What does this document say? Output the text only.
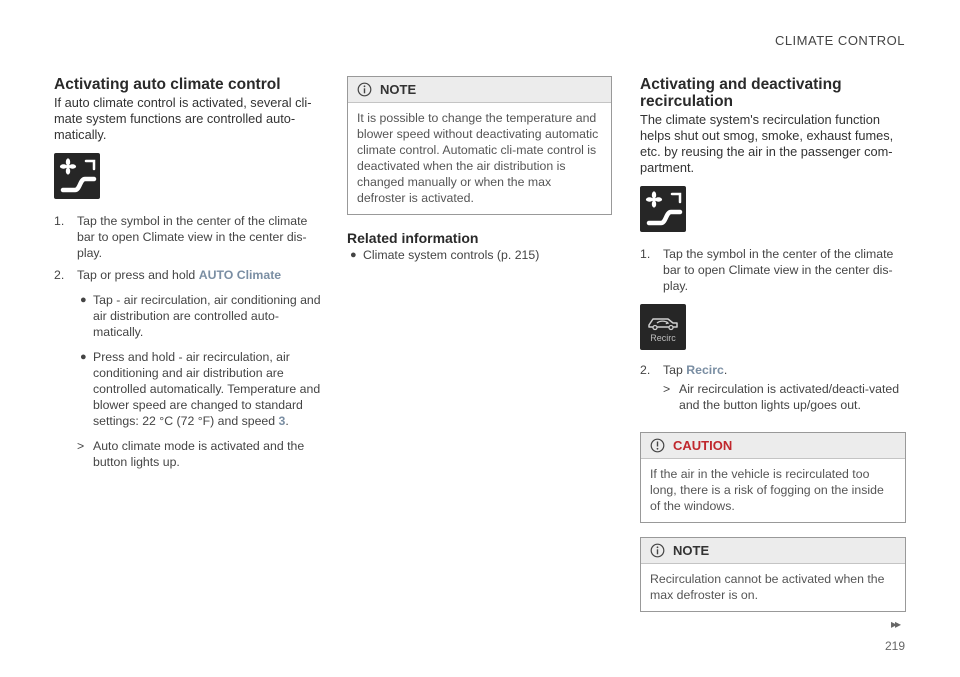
CLIMATE CONTROL
Activating auto climate control

If auto climate control is activated, several cli-mate system functions are controlled auto-matically.

1. Tap the symbol in the center of the climate bar to open Climate view in the center dis-play.
2. Tap or press and hold AUTO Climate
● Tap - air recirculation, air conditioning and air distribution are controlled auto-matically.
● Press and hold - air recirculation, air conditioning and air distribution are controlled automatically. Temperature and blower speed are changed to standard settings: 22 °C (72 °F) and speed 3.
> Auto climate mode is activated and the button lights up.
NOTE
It is possible to change the temperature and blower speed without deactivating automatic climate control. Automatic cli-mate control is deactivated when the air distribution is changed manually or when the max defroster is activated.
Related information
● Climate system controls (p. 215)
Activating and deactivating recirculation

The climate system's recirculation function helps shut out smog, smoke, exhaust fumes, etc. by reusing the air in the passenger com-partment.

1. Tap the symbol in the center of the climate bar to open Climate view in the center dis-play.
Recirc
2. Tap Recirc.
> Air recirculation is activated/deacti-vated and the button lights up/goes out.
CAUTION
If the air in the vehicle is recirculated too long, there is a risk of fogging on the inside of the windows.
NOTE
Recirculation cannot be activated when the max defroster is on.
▸▸
219
